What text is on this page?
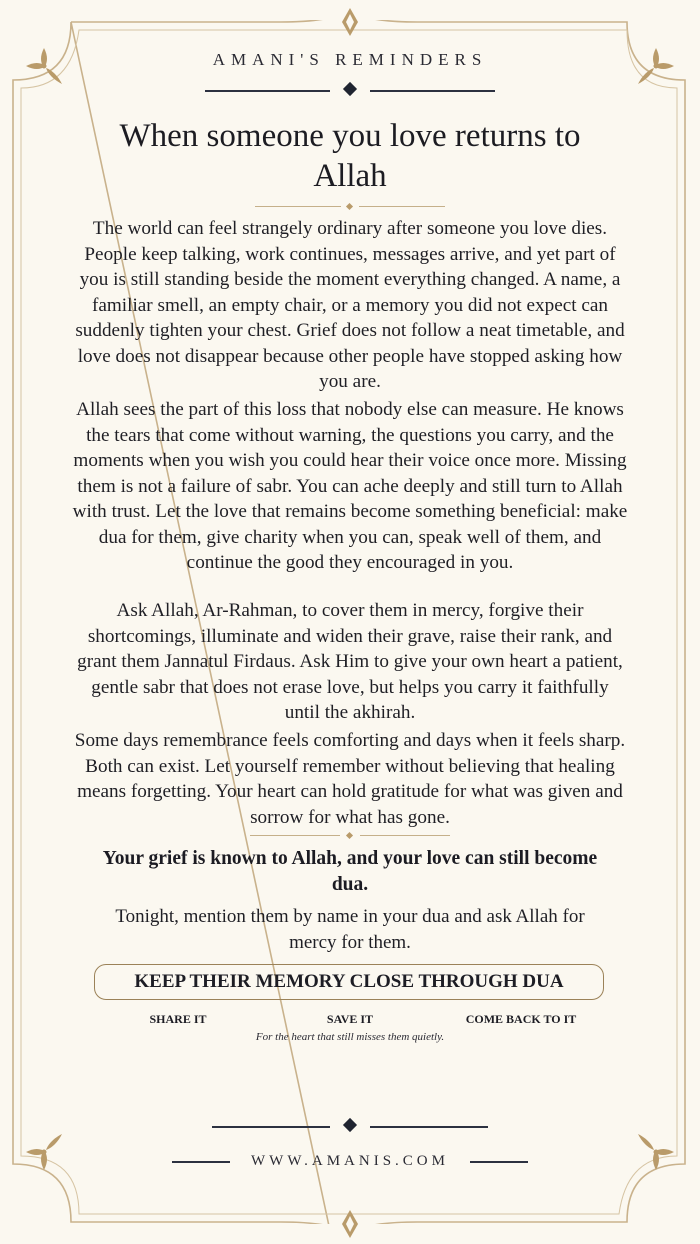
AMANI'S REMINDERS
When someone you love returns to Allah

The world can feel strangely ordinary after someone you love dies. People keep talking, work continues, messages arrive, and yet part of you is still standing beside the moment everything changed. A name, a familiar smell, an empty chair, or a memory you did not expect can suddenly tighten your chest. Grief does not follow a neat timetable, and love does not disappear because other people have stopped asking how you are.

Allah sees the part of this loss that nobody else can measure. He knows the tears that come without warning, the questions you carry, and the moments when you wish you could hear their voice once more. Missing them is not a failure of sabr. You can ache deeply and still turn to Allah with trust. Let the love that remains become something beneficial: make dua for them, give charity when you can, speak well of them, and continue the good they encouraged in you.

Ask Allah, Ar-Rahman, to cover them in mercy, forgive their shortcomings, illuminate and widen their grave, raise their rank, and grant them Jannatul Firdaus. Ask Him to give your own heart a patient, gentle sabr that does not erase love, but helps you carry it faithfully until the akhirah.

Some days remembrance feels comforting and days when it feels sharp. Both can exist. Let yourself remember without believing that healing means forgetting. Your heart can hold gratitude for what was given and sorrow for what has gone.

Your grief is known to Allah, and your love can still become dua.
Tonight, mention them by name in your dua and ask Allah for mercy for them.
KEEP THEIR MEMORY CLOSE THROUGH DUA
SHARE IT	SAVE IT	COME BACK TO IT
For the heart that still misses them quietly.
WWW.AMANIS.COM
